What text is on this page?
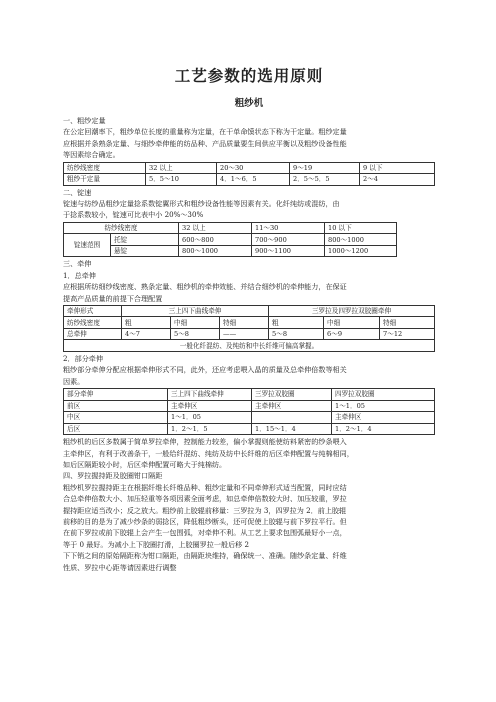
工艺参数的选用原则
粗纱机

一、粗纱定量

在公定回潮率下，粗纱单位长度的重量称为定量，在干单命馍状态下称为干定量。粗纱定量

应根据并条熟条定量、与细纱牵伸能的纺品种、产品质量要生间供应平衡以及粗纱设备性能

等因素综合确定。

纺纱线密度	32 以上	20～30	9～19	9 以下
粗纱干定量	5．5～10	4．1～6．5	2．5～5．5	2～4

二、锭速

锭速与纺纱品粗纱定量捻系数锭翼形式和粗纱设备性能等因素有关。化纤纯纺或混纺，由

于捻系数较小，锭速可比表中小 20%～30%

纺纱线密度		32 以上	11～30	10 以下
锭速范围	托锭	600～800	700～900	800～1000
	悬锭	800～1000	900～1100	1000～1200

三、牵伸

1．总牵伸

应根据所纺细纱线密度、熟条定量、粗纱机的牵伸效能、并结合细纱机的牵伸能力，在保证

提高产品质量的前提下合理配置

牵伸形式	三上四下曲线牵伸			三罗拉及四罗拉双胶圈牵伸		
纺纱线密度	粗	中细	特细	粗	中细	特细
总牵伸	4～7	5～8	——	5～8	6～9	7～12
一般化纤混纺、及纯纺和中长纤维可偏高掌握。						

2．部分牵伸

粗纱部分牵伸分配应根据牵伸形式不同，此外，还应考虑喂入晶的质量及总牵伸倍数等相关

因素。

部分牵伸	三上四下曲线牵伸	三罗拉双胶圈	四罗拉双胶圈
前区	主牵伸区	主牵伸区	1～1．05
中区	1～1．05		主牵伸区
后区	1．2～1．5	1．15～1．4	1．2～1．4

粗纱机的后区多数属于简单罗拉牵伸，控制能力较差，偏小掌握则能使纺料紧密的纱条喂入

主牵伸区，有利于改善条干，一般给纤混纺、纯纺及纺中长纤维的后区牵伸配置与纯棉相同，

如后区隔距较小时，后区牵伸配置可略大于纯棉纺。

四、罗拉握持距及胶圈钳口隔距

粗纱机罗拉握持距主在根据纤维长纤维品种、粗纱定量和不同牵伸形式适当配置，同时应结

合总牵伸倍数大小、加压轻重等各项因素全面考虑，如总牵伸倍数较大时、加压较重，罗拉

握持距应适当改小；反之放大。粗纱前上胶辊前移量：三罗拉为 3，四罗拉为 2．前上胶辊

前移的目的是为了减少纱条的弱捻区，降低粗纱断头，还可促使上胶辊与前下罗拉平行。但

在前下罗拉或前下胶辊上会产生一包围弧，对牵伸不利。从工艺上要求包围弧最好小一点，

等于 0 最好。为减小上下胶圈打滑，上胶圈罗拉一般后移 2

下下销之间的原始隔距称为钳口隔距，由隔距块维持，确保统一、准确。随纱条定量、纤维

性质、罗拉中心距等请因素进行调整
